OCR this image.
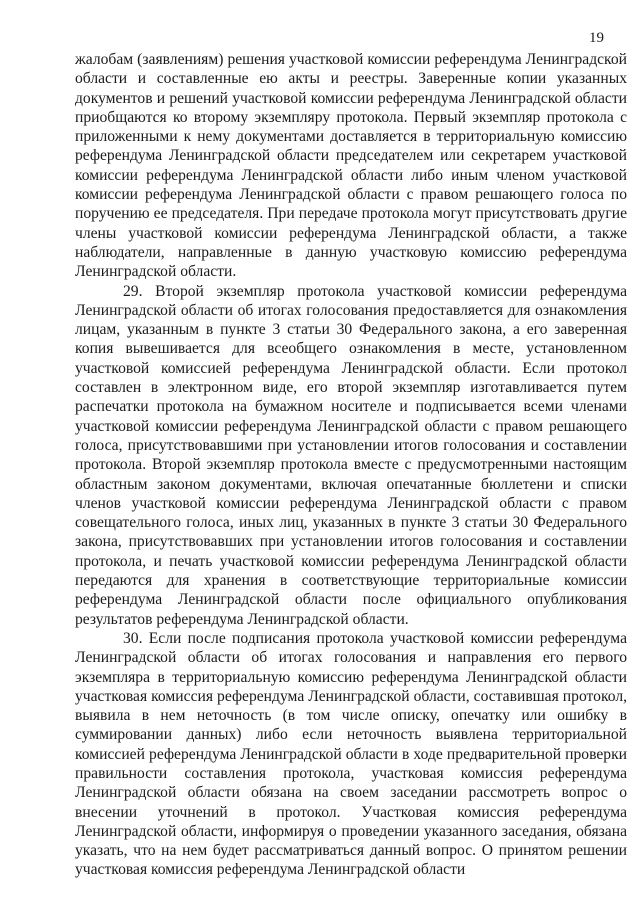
19

жалобам (заявлениям) решения участковой комиссии референдума Ленинградской области и составленные ею акты и реестры. Заверенные копии указанных документов и решений участковой комиссии референдума Ленинградской области приобщаются ко второму экземпляру протокола. Первый экземпляр протокола с приложенными к нему документами доставляется в территориальную комиссию референдума Ленинградской области председателем или секретарем участковой комиссии референдума Ленинградской области либо иным членом участковой комиссии референдума Ленинградской области с правом решающего голоса по поручению ее председателя. При передаче протокола могут присутствовать другие члены участковой комиссии референдума Ленинградской области, а также наблюдатели, направленные в данную участковую комиссию референдума Ленинградской области.

29. Второй экземпляр протокола участковой комиссии референдума Ленинградской области об итогах голосования предоставляется для ознакомления лицам, указанным в пункте 3 статьи 30 Федерального закона, а его заверенная копия вывешивается для всеобщего ознакомления в месте, установленном участковой комиссией референдума Ленинградской области. Если протокол составлен в электронном виде, его второй экземпляр изготавливается путем распечатки протокола на бумажном носителе и подписывается всеми членами участковой комиссии референдума Ленинградской области с правом решающего голоса, присутствовавшими при установлении итогов голосования и составлении протокола. Второй экземпляр протокола вместе с предусмотренными настоящим областным законом документами, включая опечатанные бюллетени и списки членов участковой комиссии референдума Ленинградской области с правом совещательного голоса, иных лиц, указанных в пункте 3 статьи 30 Федерального закона, присутствовавших при установлении итогов голосования и составлении протокола, и печать участковой комиссии референдума Ленинградской области передаются для хранения в соответствующие территориальные комиссии референдума Ленинградской области после официального опубликования результатов референдума Ленинградской области.

30. Если после подписания протокола участковой комиссии референдума Ленинградской области об итогах голосования и направления его первого экземпляра в территориальную комиссию референдума Ленинградской области участковая комиссия референдума Ленинградской области, составившая протокол, выявила в нем неточность (в том числе описку, опечатку или ошибку в суммировании данных) либо если неточность выявлена территориальной комиссией референдума Ленинградской области в ходе предварительной проверки правильности составления протокола, участковая комиссия референдума Ленинградской области обязана на своем заседании рассмотреть вопрос о внесении уточнений в протокол. Участковая комиссия референдума Ленинградской области, информируя о проведении указанного заседания, обязана указать, что на нем будет рассматриваться данный вопрос. О принятом решении участковая комиссия референдума Ленинградской области
